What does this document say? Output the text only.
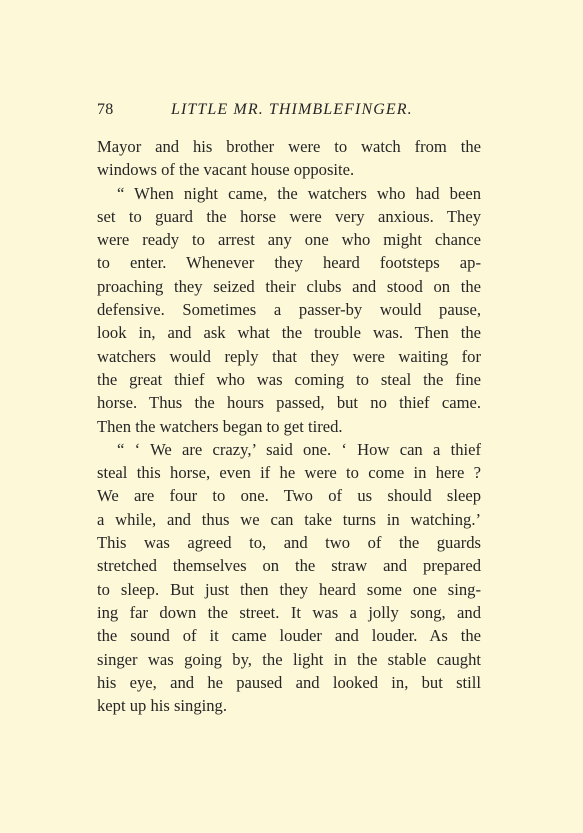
78	LITTLE MR. THIMBLEFINGER.
Mayor and his brother were to watch from the
windows of the vacant house opposite.
“ When night came, the watchers who had been
set to guard the horse were very anxious. They
were ready to arrest any one who might chance
to enter. Whenever they heard footsteps ap-
proaching they seized their clubs and stood on the
defensive. Sometimes a passer-by would pause,
look in, and ask what the trouble was. Then the
watchers would reply that they were waiting for
the great thief who was coming to steal the fine
horse. Thus the hours passed, but no thief came.
Then the watchers began to get tired.
“ ‘ We are crazy,’ said one. ‘ How can a thief
steal this horse, even if he were to come in here ?
We are four to one. Two of us should sleep
a while, and thus we can take turns in watching.’
This was agreed to, and two of the guards
stretched themselves on the straw and prepared
to sleep. But just then they heard some one sing-
ing far down the street. It was a jolly song, and
the sound of it came louder and louder. As the
singer was going by, the light in the stable caught
his eye, and he paused and looked in, but still
kept up his singing.
